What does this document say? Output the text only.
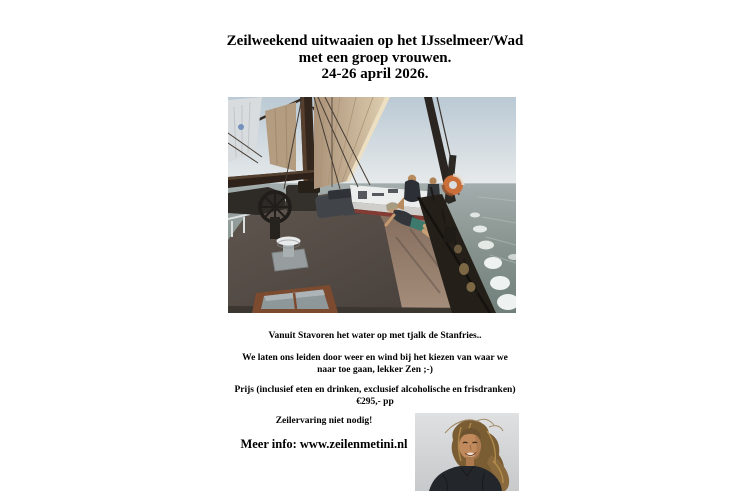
Zeilweekend uitwaaien op het IJsselmeer/Wad
met een groep vrouwen.
24-26 april 2026.
Vanuit Stavoren het water op met tjalk de Stanfries..
We laten ons leiden door weer en wind bij het kiezen van waar we
naar toe gaan, lekker Zen ;-)
Prijs (inclusief eten en drinken, exclusief alcoholische en frisdranken)
€295,- pp
Zeilervaring niet nodig!
Meer info: www.zeilenmetini.nl
